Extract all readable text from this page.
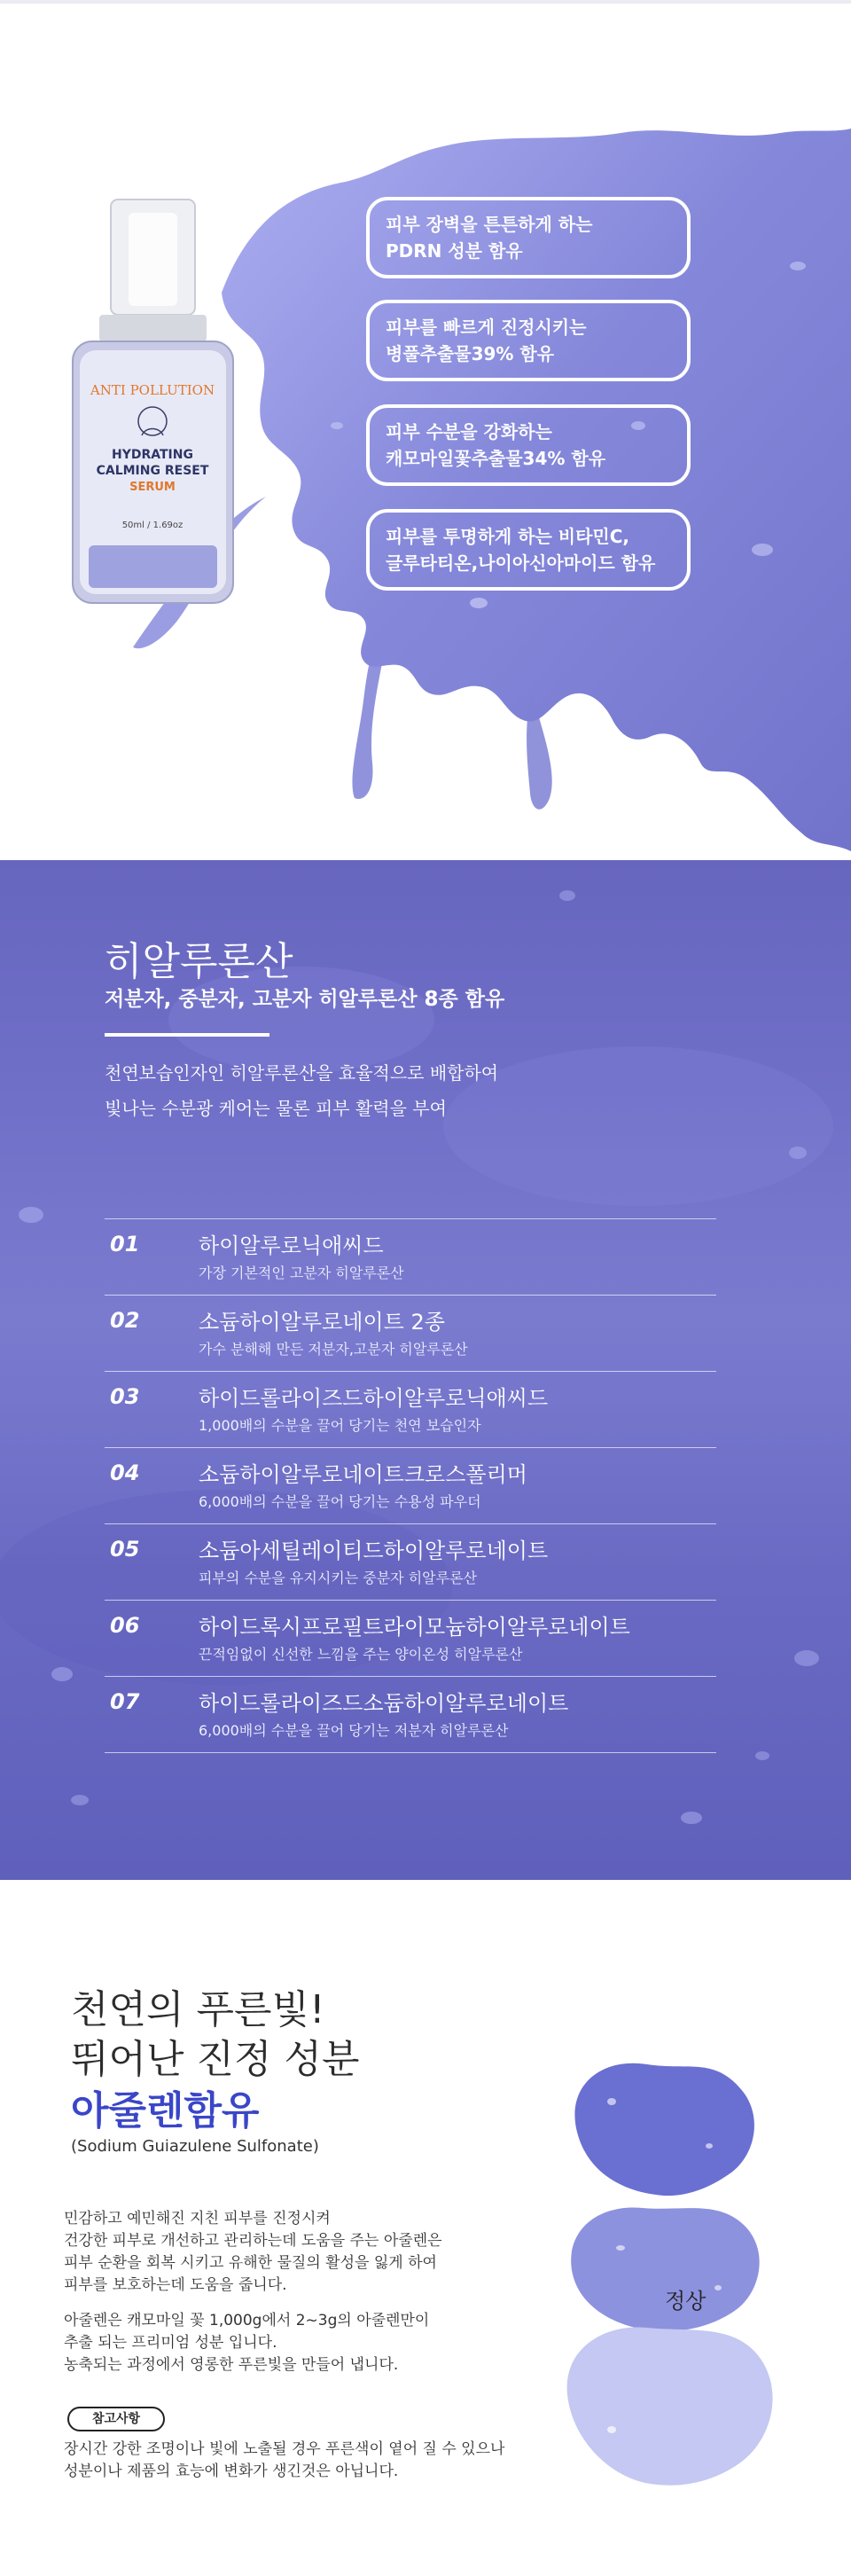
HYDRATING
CALMING RESET
SERUM
50ml / 1.69oz
ANTI POLLUTION
피부 장벽을 튼튼하게 하는
PDRN 성분 함유
피부를 빠르게 진정시키는
병풀추출물39% 함유
피부 수분을 강화하는
캐모마일꽃추출물34% 함유
피부를 투명하게 하는 비타민C,
글루타티온,나이아신아마이드 함유
히알루론산
저분자, 중분자, 고분자 히알루론산 8종 함유
천연보습인자인 히알루론산을 효율적으로 배합하여
빛나는 수분광 케어는 물론 피부 활력을 부여
01	하이알루로닉애씨드
가장 기본적인 고분자 히알루론산
02	소듐하이알루로네이트 2종
가수 분해해 만든 저분자,고분자 히알루론산
03	하이드롤라이즈드하이알루로닉애씨드
1,000배의 수분을 끌어 당기는 천연 보습인자
04	소듐하이알루로네이트크로스폴리머
6,000배의 수분을 끌어 당기는 수용성 파우더
05	소듐아세틸레이티드하이알루로네이트
피부의 수분을 유지시키는 중분자 히알루론산
06	하이드록시프로필트라이모늄하이알루로네이트
끈적임없이 신선한 느낌을 주는 양이온성 히알루론산
07	하이드롤라이즈드소듐하이알루로네이트
6,000배의 수분을 끌어 당기는 저분자 히알루론산
천연의 푸른빛!
뛰어난 진정 성분
아줄렌함유
(Sodium Guiazulene Sulfonate)
민감하고 예민해진 지친 피부를 진정시켜
건강한 피부로 개선하고 관리하는데 도움을 주는 아줄렌은
피부 순환을 회복 시키고 유해한 물질의 활성을 잃게 하여
피부를 보호하는데 도움을 줍니다.
아줄렌은 캐모마일 꽃 1,000g에서 2~3g의 아줄렌만이
추출 되는 프리미엄 성분 입니다.
농축되는 과정에서 영롱한 푸른빛을 만들어 냅니다.
참고사항
장시간 강한 조명이나 빛에 노출될 경우 푸른색이 옅어 질 수 있으나
성분이나 제품의 효능에 변화가 생긴것은 아닙니다.
정상
